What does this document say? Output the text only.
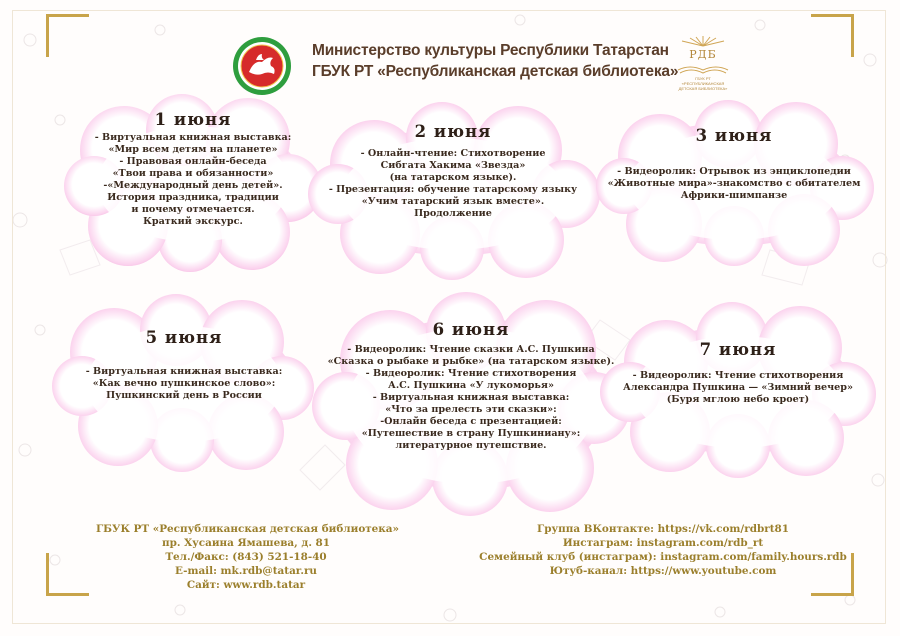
Министерство культуры Республики Татарстан
ГБУК РТ «Республиканская детская библиотека»
РДБ
ГБУК РТ «РЕСПУБЛИКАНСКАЯ ДЕТСКАЯ БИБЛИОТЕКА»
1 июня
- Виртуальная книжная выставка:
«Мир всем детям на планете»
- Правовая онлайн-беседа
«Твои права и обязанности»
-«Международный день детей».
История праздника, традиции
и почему отмечается.
Краткий экскурс.
2 июня
- Онлайн-чтение: Стихотворение
Сибгата Хакима «Звезда»
(на татарском языке).
- Презентация: обучение татарскому языку
«Учим татарский язык вместе».
Продолжение
3 июня
- Видеоролик: Отрывок из энциклопедии
«Животные мира»-знакомство с обитателем
Африки-шимпанзе
5 июня
- Виртуальная книжная выставка:
«Как вечно пушкинское слово»:
Пушкинский день в России
6 июня
- Видеоролик: Чтение сказки А.С. Пушкина
«Сказка о рыбаке и рыбке» (на татарском языке).
- Видеоролик: Чтение стихотворения
А.С. Пушкина «У лукоморья»
- Виртуальная книжная выставка:
«Что за прелесть эти сказки»:
-Онлайн беседа с презентацией:
«Путешествие в страну Пушкиниану»:
литературное путешствие.
7 июня
- Видеоролик: Чтение стихотворения
Александра Пушкина — «Зимний вечер»
(Буря мглою небо кроет)
ГБУК РТ «Республиканская детская библиотека»
пр. Хусаина Ямашева, д. 81
Тел./Факс: (843) 521-18-40
E-mail: mk.rdb@tatar.ru
Сайт: www.rdb.tatar
Группа ВКонтакте: https://vk.com/rdbrt81
Инстаграм: instagram.com/rdb_rt
Семейный клуб (инстаграм): instagram.com/family.hours.rdb
Ютуб-канал: https://www.youtube.com
